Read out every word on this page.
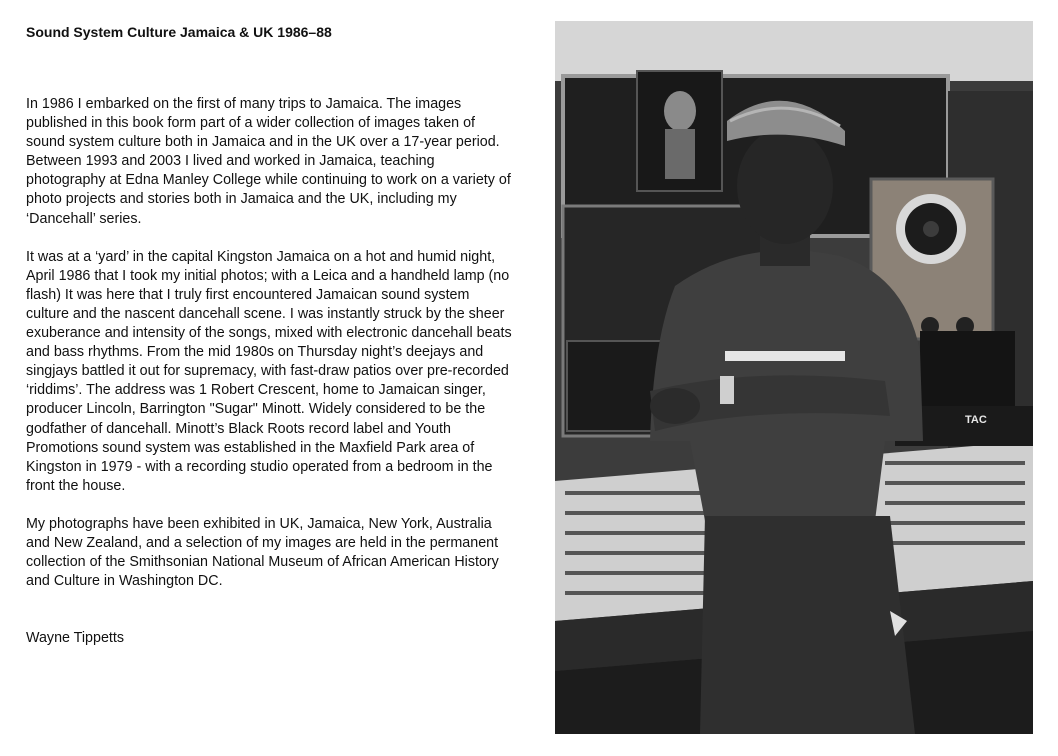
Sound System Culture Jamaica & UK 1986–88

In 1986 I embarked on the first of many trips to Jamaica. The images published in this book form part of a wider collection of images taken of sound system culture both in Jamaica and in the UK over a 17-year period. Between 1993 and 2003 I lived and worked in Jamaica, teaching photography at Edna Manley College while continuing to work on a variety of photo projects and stories both in Jamaica and the UK, including my ‘Dancehall’ series.

It was at a ‘yard’ in the capital Kingston Jamaica on a hot and humid night, April 1986 that I took my initial photos; with a Leica and a handheld lamp (no flash) It was here that I truly first encountered Jamaican sound system culture and the nascent dancehall scene. I was instantly struck by the sheer exuberance and intensity of the songs, mixed with electronic dancehall beats and bass rhythms. From the mid 1980s on Thursday night’s deejays and singjays battled it out for supremacy, with fast-draw patios over pre-recorded ‘riddims’. The address was 1 Robert Crescent, home to Jamaican singer, producer Lincoln, Barrington "Sugar" Minott. Widely considered to be the godfather of dancehall. Minott’s Black Roots record label and Youth Promotions sound system was established in the Maxfield Park area of Kingston in 1979 - with a recording studio operated from a bedroom in the front the house.

My photographs have been exhibited in UK, Jamaica, New York, Australia and New Zealand, and a selection of my images are held in the permanent collection of the Smithsonian National Museum of African American History and Culture in Washington DC.

Wayne Tippetts

TAC
